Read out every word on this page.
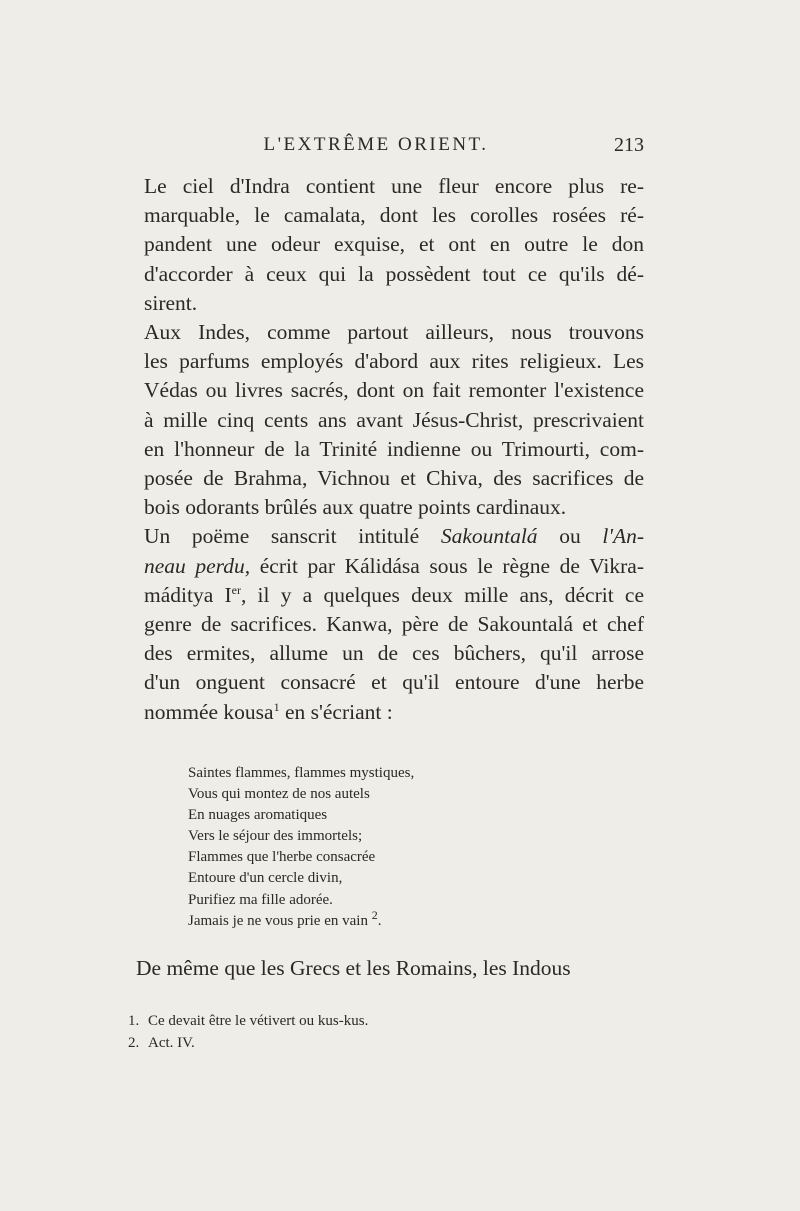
L'EXTRÊME ORIENT.	213

Le ciel d'Indra contient une fleur encore plus re-
marquable, le camalata, dont les corolles rosées ré-
pandent une odeur exquise, et ont en outre le don
d'accorder à ceux qui la possèdent tout ce qu'ils dé-
sirent.

Aux Indes, comme partout ailleurs, nous trouvons
les parfums employés d'abord aux rites religieux. Les
Védas ou livres sacrés, dont on fait remonter l'existence
à mille cinq cents ans avant Jésus-Christ, prescrivaient
en l'honneur de la Trinité indienne ou Trimourti, com-
posée de Brahma, Vichnou et Chiva, des sacrifices de
bois odorants brûlés aux quatre points cardinaux.

Un poëme sanscrit intitulé Sakountalá ou l'An-
neau perdu, écrit par Kálidása sous le règne de Vikra-
máditya Ier, il y a quelques deux mille ans, décrit ce
genre de sacrifices. Kanwa, père de Sakountalá et chef
des ermites, allume un de ces bûchers, qu'il arrose
d'un onguent consacré et qu'il entoure d'une herbe
nommée kousa$^1$ en s'écriant :

Saintes flammes, flammes mystiques,
Vous qui montez de nos autels
En nuages aromatiques
Vers le séjour des immortels;
Flammes que l'herbe consacrée
Entoure d'un cercle divin,
Purifiez ma fille adorée.
Jamais je ne vous prie en vain $^2$.
De même que les Grecs et les Romains, les Indous
1. Ce devait être le vétivert ou kus-kus.
2. Act. IV.
